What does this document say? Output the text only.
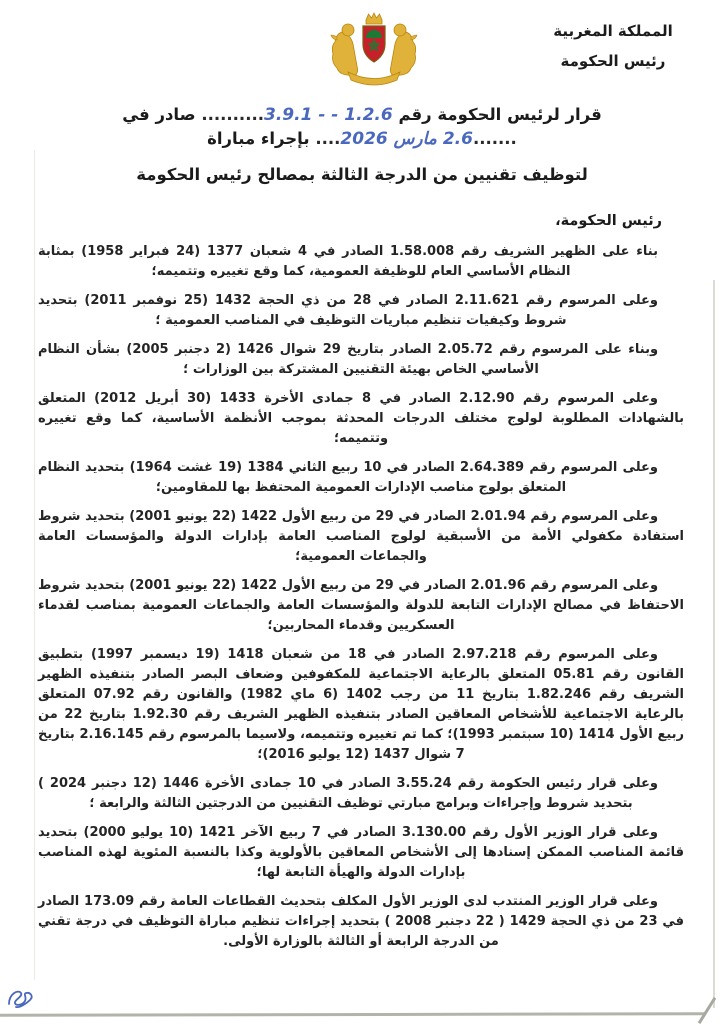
المملكة المغربية
رئيس الحكومة
قرار لرئيس الحكومة رقم 3.9.1 - - 1.2.6.......... صادر في .......2.6 مارس 2026.... بإجراء مباراة
لتوظيف تقنيين من الدرجة الثالثة بمصالح رئيس الحكومة
رئيس الحكومة،

بناء على الظهير الشريف رقم 1.58.008 الصادر في 4 شعبان 1377 (24 فبراير 1958) بمثابة النظام الأساسي العام للوظيفة العمومية، كما وقع تغييره وتتميمه؛

وعلى المرسوم رقم 2.11.621 الصادر في 28 من ذي الحجة 1432 (25 نوفمبر 2011) بتحديد شروط وكيفيات تنظيم مباريات التوظيف في المناصب العمومية ؛

وبناء على المرسوم رقم 2.05.72 الصادر بتاريخ 29 شوال 1426 (2 دجنبر 2005) بشأن النظام الأساسي الخاص بهيئة التقنيين المشتركة بين الوزارات ؛

وعلى المرسوم رقم 2.12.90 الصادر في 8 جمادى الأخرة 1433 (30 أبريل 2012) المتعلق بالشهادات المطلوبة لولوج مختلف الدرجات المحدثة بموجب الأنظمة الأساسية، كما وقع تغييره وتتميمه؛

وعلى المرسوم رقم 2.64.389 الصادر في 10 ربيع الثاني 1384 (19 غشت 1964) بتحديد النظام المتعلق بولوج مناصب الإدارات العمومية المحتفظ بها للمقاومين؛

وعلى المرسوم رقم 2.01.94 الصادر في 29 من ربيع الأول 1422 (22 يونيو 2001) بتحديد شروط استفادة مكفولي الأمة من الأسبقية لولوج المناصب العامة بإدارات الدولة والمؤسسات العامة والجماعات العمومية؛

وعلى المرسوم رقم 2.01.96 الصادر في 29 من ربيع الأول 1422 (22 يونيو 2001) بتحديد شروط الاحتفاظ في مصالح الإدارات التابعة للدولة والمؤسسات العامة والجماعات العمومية بمناصب لقدماء العسكريين وقدماء المحاربين؛

وعلى المرسوم رقم 2.97.218 الصادر في 18 من شعبان 1418 (19 ديسمبر 1997) بتطبيق القانون رقم 05.81 المتعلق بالرعاية الاجتماعية للمكفوفين وضعاف البصر الصادر بتنفيذه الظهير الشريف رقم 1.82.246 بتاريخ 11 من رجب 1402 (6 ماي 1982) والقانون رقم 07.92 المتعلق بالرعاية الاجتماعية للأشخاص المعاقين الصادر بتنفيذه الظهير الشريف رقم 1.92.30 بتاريخ 22 من ربيع الأول 1414 (10 سبتمبر 1993)؛ كما تم تغييره وتتميمه، ولاسيما بالمرسوم رقم 2.16.145 بتاريخ 7 شوال 1437 (12 يوليو 2016)؛

وعلى قرار رئيس الحكومة رقم 3.55.24 الصادر في 10 جمادى الأخرة 1446 (12 دجنبر 2024 ) بتحديد شروط وإجراءات وبرامج مبارتي توظيف التقنيين من الدرجتين الثالثة والرابعة ؛

وعلى قرار الوزير الأول رقم 3.130.00 الصادر في 7 ربيع الآخر 1421 (10 يوليو 2000) بتحديد قائمة المناصب الممكن إسنادها إلى الأشخاص المعاقين بالأولوية وكذا بالنسبة المئوية لهذه المناصب بإدارات الدولة والهيأة التابعة لها؛

وعلى قرار الوزير المنتدب لدى الوزير الأول المكلف بتحديث القطاعات العامة رقم 173.09 الصادر في 23 من ذي الحجة 1429 ( 22 دجنبر 2008 ) بتحديد إجراءات تنظيم مباراة التوظيف في درجة تقني من الدرجة الرابعة أو الثالثة بالوزارة الأولى.
